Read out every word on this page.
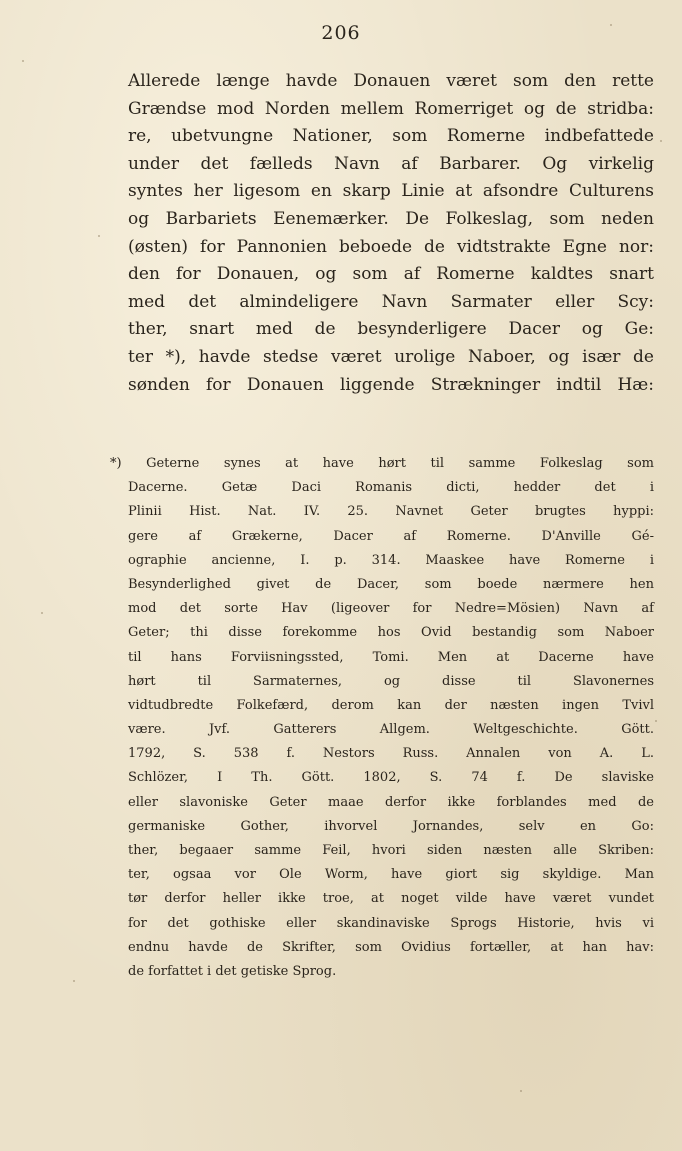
206
Allerede længe havde Donauen været som den rette
Grændse mod Norden mellem Romerriget og de stridba:
re, ubetvungne Nationer, som Romerne indbefattede
under det fælleds Navn af Barbarer. Og virkelig
syntes her ligesom en skarp Linie at afsondre Culturens
og Barbariets Eenemærker. De Folkeslag, som neden
(østen) for Pannonien beboede de vidtstrakte Egne nor:
den for Donauen, og som af Romerne kaldtes snart
med det almindeligere Navn Sarmater eller Scy:
ther, snart med de besynderligere Dacer og Ge:
ter *), havde stedse været urolige Naboer, og især de
sønden for Donauen liggende Strækninger indtil Hæ:
*) Geterne synes at have hørt til samme Folkeslag som
Dacerne. Getæ Daci Romanis dicti, hedder det i
Plinii Hist. Nat. IV. 25. Navnet Geter brugtes hyppi:
gere af Grækerne, Dacer af Romerne. D'Anville Gé-
ographie ancienne, I. p. 314. Maaskee have Romerne i
Besynderlighed givet de Dacer, som boede nærmere hen
mod det sorte Hav (ligeover for Nedre=Mösien) Navn af
Geter; thi disse forekomme hos Ovid bestandig som Naboer
til hans Forviisningssted, Tomi. Men at Dacerne have
hørt til Sarmaternes, og disse til Slavonernes
vidtudbredte Folkefærd, derom kan der næsten ingen Tvivl
være. Jvf. Gatterers Allgem. Weltgeschichte. Gött.
1792, S. 538 f. Nestors Russ. Annalen von A. L.
Schlözer, I Th. Gött. 1802, S. 74 f. De slaviske
eller slavoniske Geter maae derfor ikke forblandes med de
germaniske Gother, ihvorvel Jornandes, selv en Go:
ther, begaaer samme Feil, hvori siden næsten alle Skriben:
ter, ogsaa vor Ole Worm, have giort sig skyldige. Man
tør derfor heller ikke troe, at noget vilde have været vundet
for det gothiske eller skandinaviske Sprogs Historie, hvis vi
endnu havde de Skrifter, som Ovidius fortæller, at han hav:
de forfattet i det getiske Sprog.
